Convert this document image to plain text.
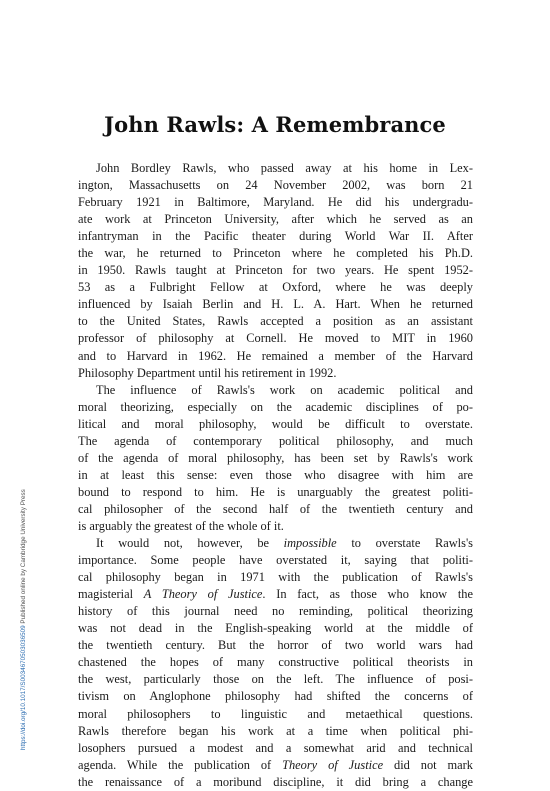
John Rawls: A Remembrance
John Bordley Rawls, who passed away at his home in Lex-
ington, Massachusetts on 24 November 2002, was born 21
February 1921 in Baltimore, Maryland. He did his undergradu-
ate work at Princeton University, after which he served as an
infantryman in the Pacific theater during World War II. After
the war, he returned to Princeton where he completed his Ph.D.
in 1950. Rawls taught at Princeton for two years. He spent 1952-
53 as a Fulbright Fellow at Oxford, where he was deeply
influenced by Isaiah Berlin and H. L. A. Hart. When he returned
to the United States, Rawls accepted a position as an assistant
professor of philosophy at Cornell. He moved to MIT in 1960
and to Harvard in 1962. He remained a member of the Harvard
Philosophy Department until his retirement in 1992.
The influence of Rawls's work on academic political and
moral theorizing, especially on the academic disciplines of po-
litical and moral philosophy, would be difficult to overstate.
The agenda of contemporary political philosophy, and much
of the agenda of moral philosophy, has been set by Rawls's work
in at least this sense: even those who disagree with him are
bound to respond to him. He is unarguably the greatest politi-
cal philosopher of the second half of the twentieth century and
is arguably the greatest of the whole of it.
It would not, however, be impossible to overstate Rawls's
importance. Some people have overstated it, saying that politi-
cal philosophy began in 1971 with the publication of Rawls's
magisterial A Theory of Justice. In fact, as those who know the
history of this journal need no reminding, political theorizing
was not dead in the English-speaking world at the middle of
the twentieth century. But the horror of two world wars had
chastened the hopes of many constructive political theorists in
the west, particularly those on the left. The influence of posi-
tivism on Anglophone philosophy had shifted the concerns of
moral philosophers to linguistic and metaethical questions.
Rawls therefore began his work at a time when political phi-
losophers pursued a modest and a somewhat arid and technical
agenda. While the publication of Theory of Justice did not mark
the renaissance of a moribund discipline, it did bring a change
https://doi.org/10.1017/S0034670503036509 Published online by Cambridge University Press
